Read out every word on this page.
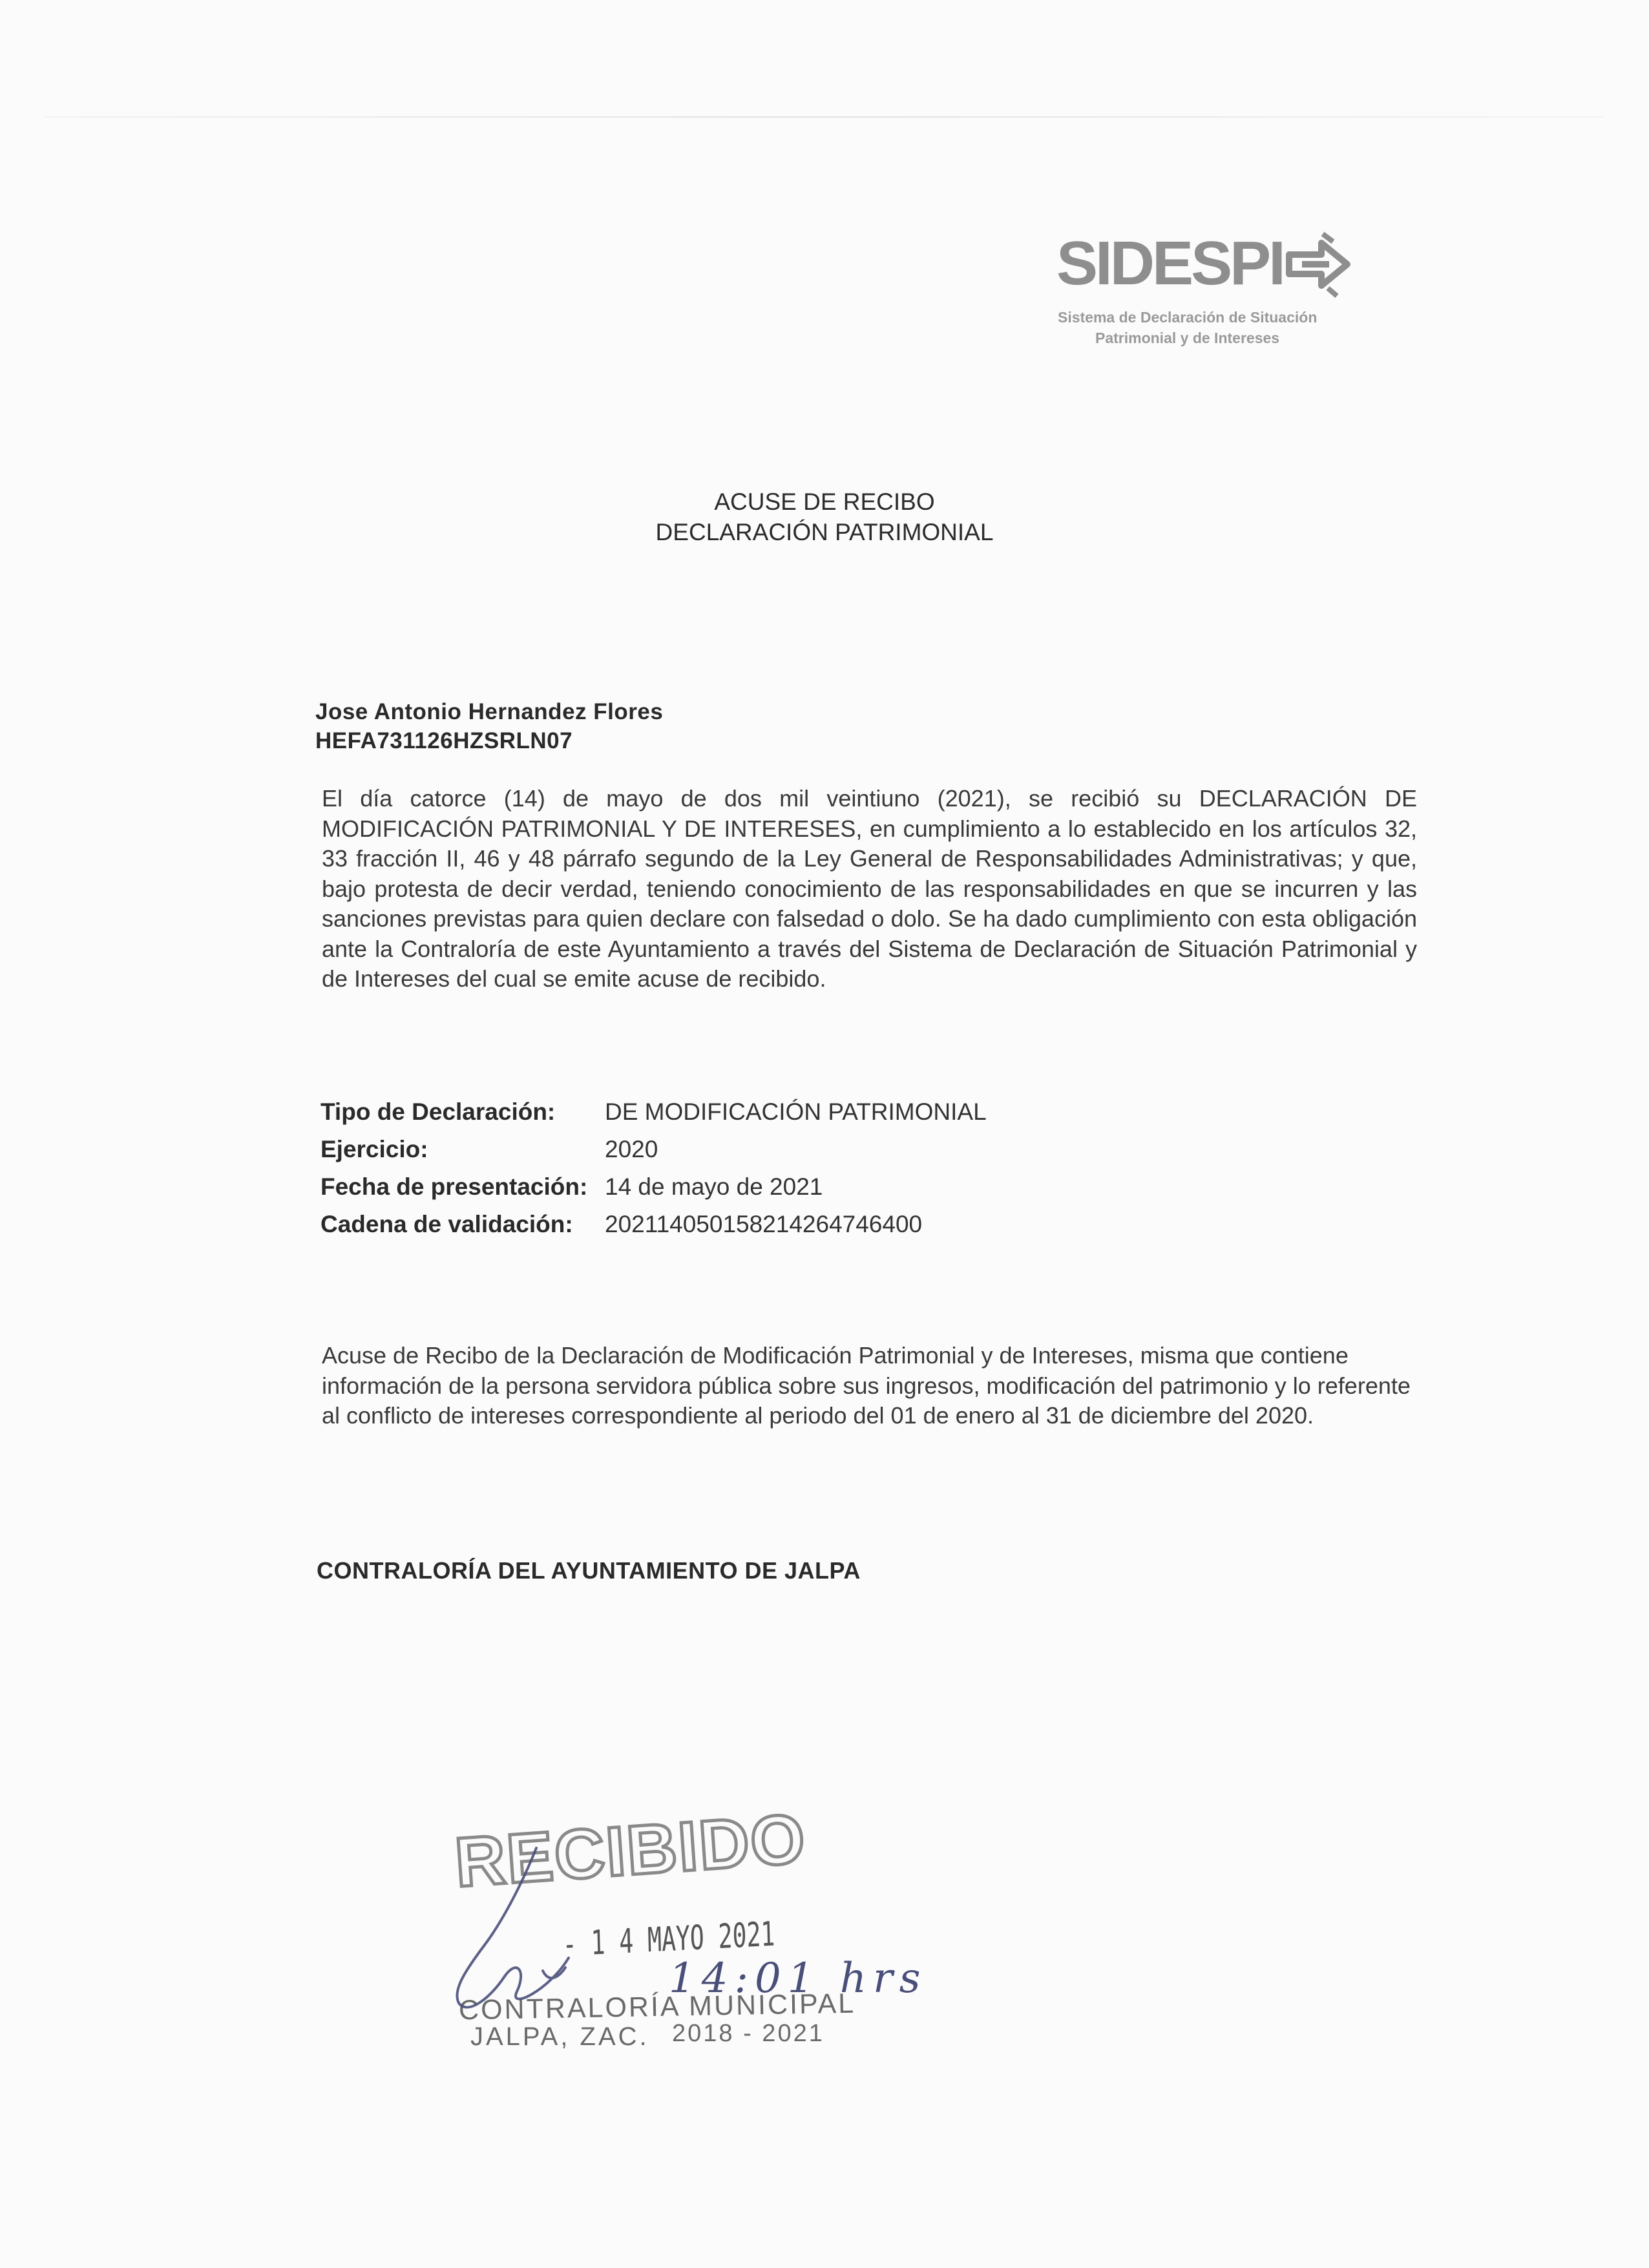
SIDESPI
Sistema de Declaración de Situación
Patrimonial y de Intereses
ACUSE DE RECIBO
DECLARACIÓN PATRIMONIAL
Jose Antonio Hernandez Flores
HEFA731126HZSRLN07
El día catorce (14) de mayo de dos mil veintiuno (2021), se recibió su DECLARACIÓN DE MODIFICACIÓN PATRIMONIAL Y DE INTERESES, en cumplimiento a lo establecido en los artículos 32, 33 fracción II, 46 y 48 párrafo segundo de la Ley General de Responsabilidades Administrativas; y que, bajo protesta de decir verdad, teniendo conocimiento de las responsabilidades en que se incurren y las sanciones previstas para quien declare con falsedad o dolo. Se ha dado cumplimiento con esta obligación ante la Contraloría de este Ayuntamiento a través del Sistema de Declaración de Situación Patrimonial y de Intereses del cual se emite acuse de recibido.
Tipo de Declaración:	DE MODIFICACIÓN PATRIMONIAL
Ejercicio:	2020
Fecha de presentación: 14 de mayo de 2021
Cadena de validación:	20211405015821426474640​0
Acuse de Recibo de la Declaración de Modificación Patrimonial y de Intereses, misma que contiene información de la persona servidora pública sobre sus ingresos, modificación del patrimonio y lo referente al conflicto de intereses correspondiente al periodo del 01 de enero al 31 de diciembre del 2020.
CONTRALORÍA DEL AYUNTAMIENTO DE JALPA
RECIBIDO
- 1 4 MAYO 2021
14:01 hrs
CONTRALORÍA MUNICIPAL
JALPA, ZAC. 2018 - 2021
